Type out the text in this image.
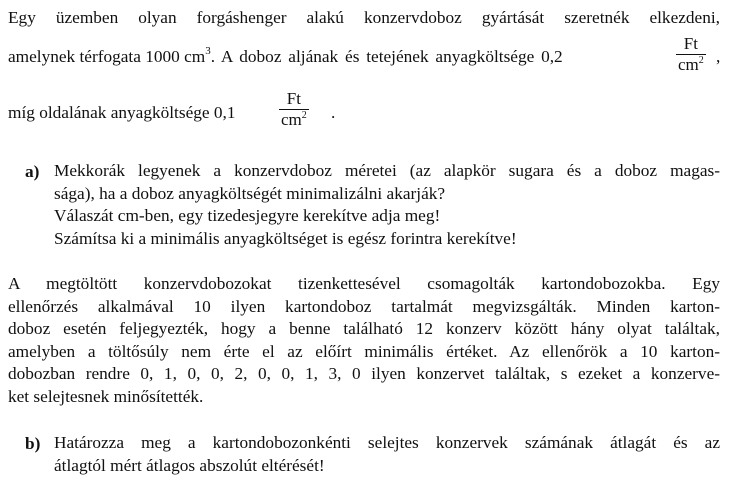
Egy üzemben olyan forgáshenger alakú konzervdoboz gyártását szeretnék elkezdeni,
amelynek térfogata 1000 $cm^3$. A doboz aljának és tetejének anyagköltsége 0,2	$\frac{Ft}{cm^2}$ ,
míg oldalának anyagköltsége 0,1	$\frac{Ft}{cm^2}$ .
a) Mekkorák legyenek a konzervdoboz méretei (az alapkör sugara és a doboz magas-
sága), ha a doboz anyagköltségét minimalizálni akarják?
Válaszát cm-ben, egy tizedesjegyre kerekítve adja meg!
Számítsa ki a minimális anyagköltséget is egész forintra kerekítve!
A megtöltött konzervdobozokat tizenkettesével csomagolták kartondobozokba. Egy
ellenőrzés alkalmával 10 ilyen kartondoboz tartalmát megvizsgálták. Minden karton-
doboz esetén feljegyezték, hogy a benne található 12 konzerv között hány olyat találtak,
amelyben a töltősúly nem érte el az előírt minimális értéket. Az ellenőrök a 10 karton-
dobozban rendre 0, 1, 0, 0, 2, 0, 0, 1, 3, 0 ilyen konzervet találtak, s ezeket a konzerve-
ket selejtesnek minősítették.
b) Határozza meg a kartondobozonkénti selejtes konzervek számának átlagát és az
átlagtól mért átlagos abszolút eltérését!
